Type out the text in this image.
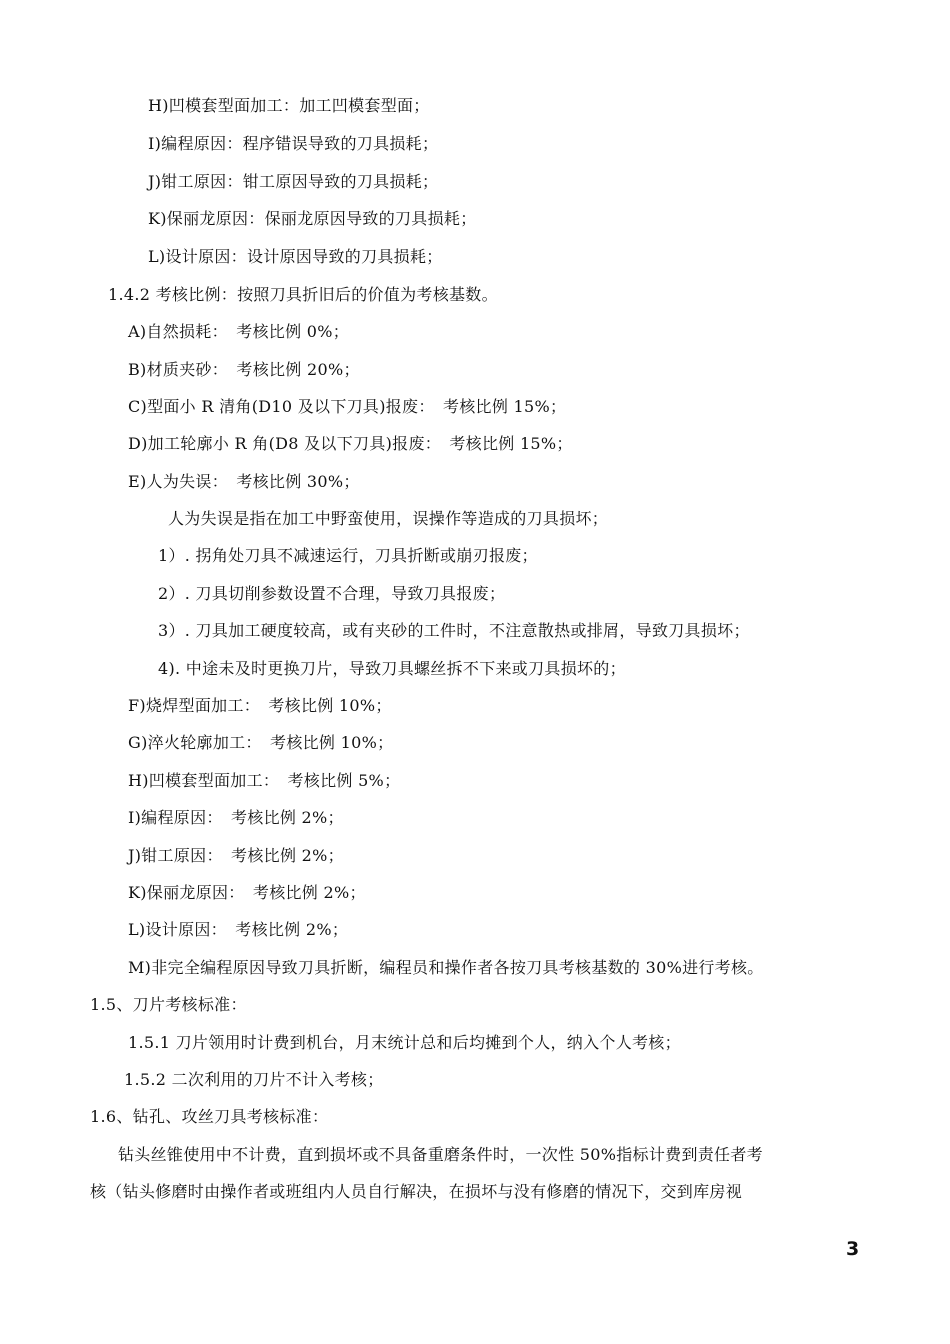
H)凹模套型面加工：加工凹模套型面；
I)编程原因：程序错误导致的刀具损耗；
J)钳工原因：钳工原因导致的刀具损耗；
K)保丽龙原因：保丽龙原因导致的刀具损耗；
L)设计原因：设计原因导致的刀具损耗；
1.4.2 考核比例：按照刀具折旧后的价值为考核基数。
A)自然损耗：　考核比例 0%；
B)材质夹砂：　考核比例 20%；
C)型面小 R 清角(D10 及以下刀具)报废：　考核比例 15%；
D)加工轮廓小 R 角(D8 及以下刀具)报废：　考核比例 15%；
E)人为失误：　考核比例 30%；
人为失误是指在加工中野蛮使用，误操作等造成的刀具损坏；
1）. 拐角处刀具不减速运行，刀具折断或崩刃报废；
2）. 刀具切削参数设置不合理，导致刀具报废；
3）. 刀具加工硬度较高，或有夹砂的工件时，不注意散热或排屑，导致刀具损坏；
4). 中途未及时更换刀片，导致刀具螺丝拆不下来或刀具损坏的；
F)烧焊型面加工：　考核比例 10%；
G)淬火轮廓加工：　考核比例 10%；
H)凹模套型面加工：　考核比例 5%；
I)编程原因：　考核比例 2%；
J)钳工原因：　考核比例 2%；
K)保丽龙原因：　考核比例 2%；
L)设计原因：　考核比例 2%；
M)非完全编程原因导致刀具折断，编程员和操作者各按刀具考核基数的 30%进行考核。
1.5、刀片考核标准：
1.5.1 刀片领用时计费到机台，月末统计总和后均摊到个人，纳入个人考核；
1.5.2 二次利用的刀片不计入考核；
1.6、钻孔、攻丝刀具考核标准：
钻头丝锥使用中不计费，直到损坏或不具备重磨条件时，一次性 50%指标计费到责任者考
核（钻头修磨时由操作者或班组内人员自行解决，在损坏与没有修磨的情况下，交到库房视
3
